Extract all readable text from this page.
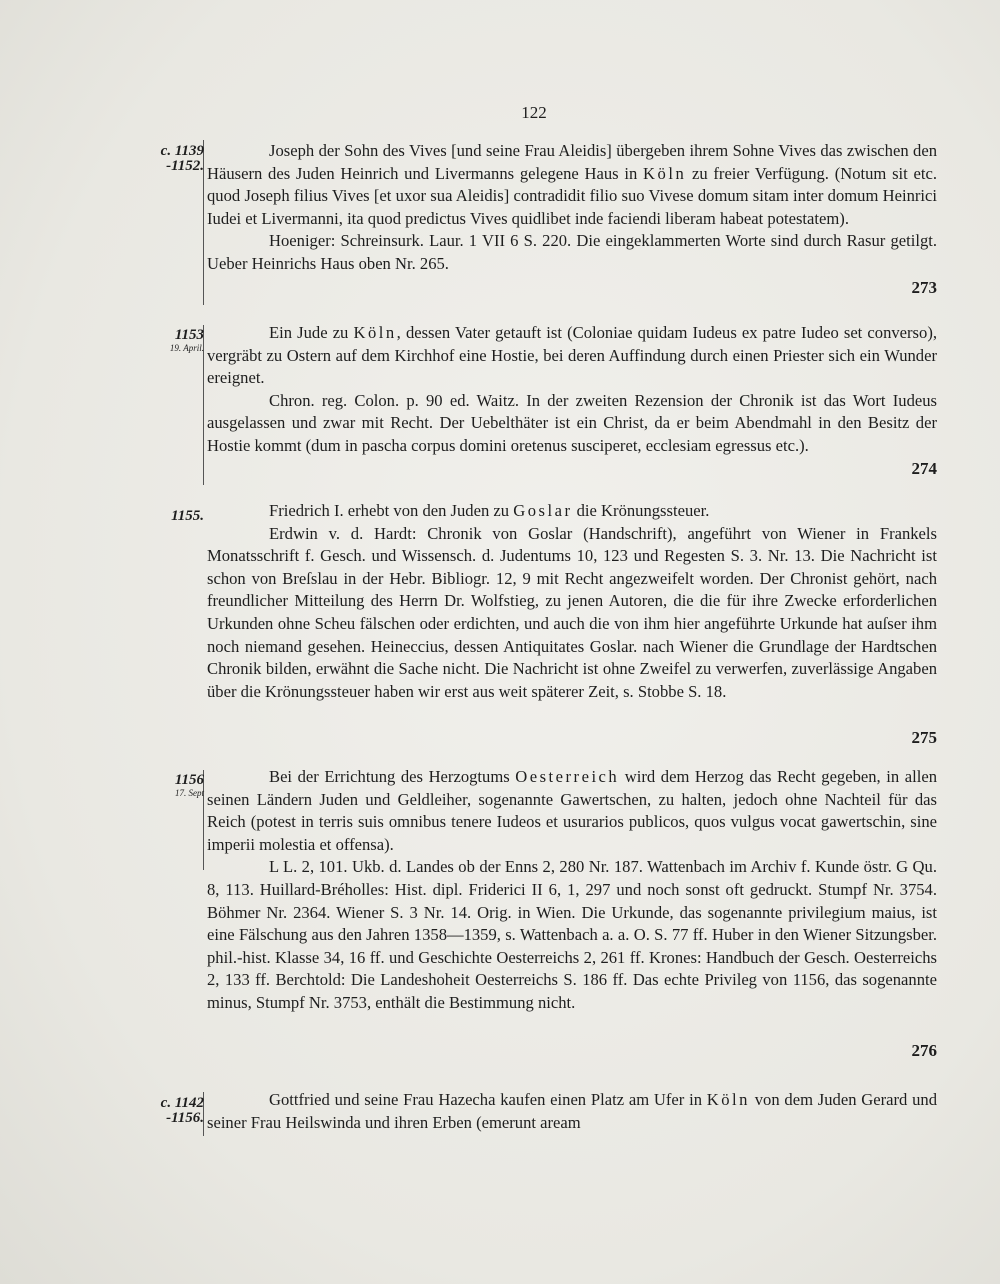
122
c. 1139
-1152.

Joseph der Sohn des Vives [und seine Frau Aleidis] übergeben ihrem Sohne Vives das zwischen den Häusern des Juden Heinrich und Livermanns gelegene Haus in Köln zu freier Verfügung. (Notum sit etc. quod Joseph filius Vives [et uxor sua Aleidis] contradidit filio suo Vivese domum sitam inter domum Heinrici Iudei et Livermanni, ita quod predictus Vives quidlibet inde faciendi liberam habeat potestatem).

Hoeniger: Schreinsurk. Laur. 1 VII 6 S. 220. Die eingeklammerten Worte sind durch Rasur getilgt. Ueber Heinrichs Haus oben Nr. 265.

273
1153
19. April.

Ein Jude zu Köln, dessen Vater getauft ist (Coloniae quidam Iudeus ex patre Iudeo set converso), vergräbt zu Ostern auf dem Kirchhof eine Hostie, bei deren Auffindung durch einen Priester sich ein Wunder ereignet.

Chron. reg. Colon. p. 90 ed. Waitz. In der zweiten Rezension der Chronik ist das Wort Iudeus ausgelassen und zwar mit Recht. Der Uebelthäter ist ein Christ, da er beim Abendmahl in den Besitz der Hostie kommt (dum in pascha corpus domini oretenus susciperet, ecclesiam egressus etc.).

274
1155.	Friedrich I. erhebt von den Juden zu Goslar die Krönungssteuer.

Erdwin v. d. Hardt: Chronik von Goslar (Handschrift), angeführt von Wiener in Frankels Monatsschrift f. Gesch. und Wissensch. d. Judentums 10, 123 und Regesten S. 3. Nr. 13. Die Nachricht ist schon von Breſslau in der Hebr. Bibliogr. 12, 9 mit Recht angezweifelt worden. Der Chronist gehört, nach freundlicher Mitteilung des Herrn Dr. Wolfstieg, zu jenen Autoren, die die für ihre Zwecke erforderlichen Urkunden ohne Scheu fälschen oder erdichten, und auch die von ihm hier angeführte Urkunde hat auſser ihm noch niemand gesehen. Heineccius, dessen Antiquitates Goslar. nach Wiener die Grundlage der Hardtschen Chronik bilden, erwähnt die Sache nicht. Die Nachricht ist ohne Zweifel zu verwerfen, zuverlässige Angaben über die Krönungssteuer haben wir erst aus weit späterer Zeit, s. Stobbe S. 18.

275
1156
17. Sept

Bei der Errichtung des Herzogtums Oesterreich wird dem Herzog das Recht gegeben, in allen seinen Ländern Juden und Geldleiher, sogenannte Gawertschen, zu halten, jedoch ohne Nachteil für das Reich (potest in terris suis omnibus tenere Iudeos et usurarios publicos, quos vulgus vocat gawertschin, sine imperii molestia et offensa).

L L. 2, 101. Ukb. d. Landes ob der Enns 2, 280 Nr. 187. Wattenbach im Archiv f. Kunde östr. G Qu. 8, 113. Huillard-Bréholles: Hist. dipl. Friderici II 6, 1, 297 und noch sonst oft gedruckt. Stumpf Nr. 3754. Böhmer Nr. 2364. Wiener S. 3 Nr. 14. Orig. in Wien. Die Urkunde, das sogenannte privilegium maius, ist eine Fälschung aus den Jahren 1358—1359, s. Wattenbach a. a. O. S. 77 ff. Huber in den Wiener Sitzungsber. phil.-hist. Klasse 34, 16 ff. und Geschichte Oesterreichs 2, 261 ff. Krones: Handbuch der Gesch. Oesterreichs 2, 133 ff. Berchtold: Die Landeshoheit Oesterreichs S. 186 ff. Das echte Privileg von 1156, das sogenannte minus, Stumpf Nr. 3753, enthält die Bestimmung nicht.

276
c. 1142
-1156.

Gottfried und seine Frau Hazecha kaufen einen Platz am Ufer in Köln von dem Juden Gerard und seiner Frau Heilswinda und ihren Erben (emerunt aream
